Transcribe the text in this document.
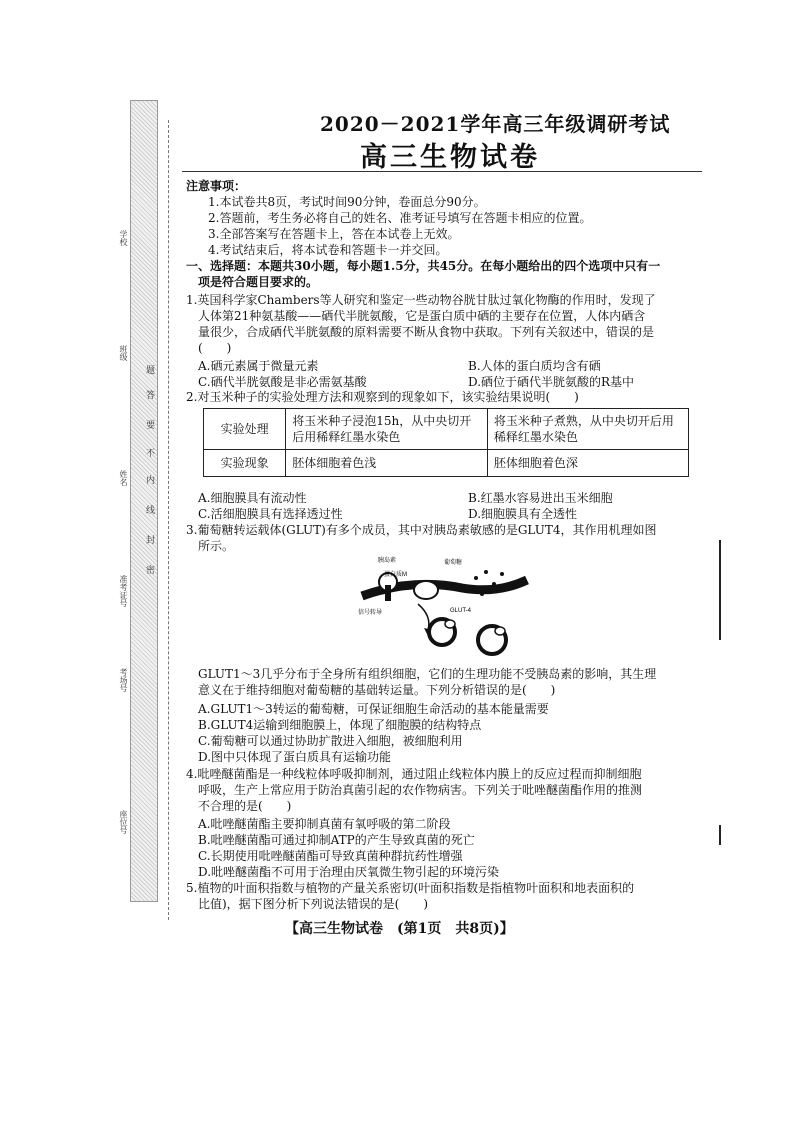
学校
班级
姓名
准考证号
考场号
座位号
题
答
要
不
内
线
封
密
2020－2021学年高三年级调研考试
高三生物试卷
注意事项：
1.本试卷共8页，考试时间90分钟，卷面总分90分。
2.答题前，考生务必将自己的姓名、准考证号填写在答题卡相应的位置。
3.全部答案写在答题卡上，答在本试卷上无效。
4.考试结束后，将本试卷和答题卡一并交回。
一、选择题：本题共30小题，每小题1.5分，共45分。在每小题给出的四个选项中只有一
项是符合题目要求的。
1.英国科学家Chambers等人研究和鉴定一些动物谷胱甘肽过氧化物酶的作用时，发现了
人体第21种氨基酸——硒代半胱氨酸，它是蛋白质中硒的主要存在位置，人体内硒含
量很少，合成硒代半胱氨酸的原料需要不断从食物中获取。下列有关叙述中，错误的是
(　　)
A.硒元素属于微量元素	B.人体的蛋白质均含有硒
C.硒代半胱氨酸是非必需氨基酸	D.硒位于硒代半胱氨酸的R基中
2.对玉米种子的实验处理方法和观察到的现象如下，该实验结果说明(　　)
实验处理	将玉米种子浸泡15h，从中央切开后用稀释红墨水染色	将玉米种子煮熟，从中央切开后用稀释红墨水染色
实验现象	胚体细胞着色浅	胚体细胞着色深
A.细胞膜具有流动性	B.红墨水容易进出玉米细胞
C.活细胞膜具有选择透过性	D.细胞膜具有全透性
3.葡萄糖转运载体(GLUT)有多个成员，其中对胰岛素敏感的是GLUT4，其作用机理如图
所示。
胰岛素
蛋白质M
葡萄糖
信号转导	GLUT-4
GLUT1～3几乎分布于全身所有组织细胞，它们的生理功能不受胰岛素的影响，其生理
意义在于维持细胞对葡萄糖的基础转运量。下列分析错误的是(　　)
A.GLUT1～3转运的葡萄糖，可保证细胞生命活动的基本能量需要
B.GLUT4运输到细胞膜上，体现了细胞膜的结构特点
C.葡萄糖可以通过协助扩散进入细胞，被细胞利用
D.图中只体现了蛋白质具有运输功能
4.吡唑醚菌酯是一种线粒体呼吸抑制剂，通过阻止线粒体内膜上的反应过程而抑制细胞
呼吸，生产上常应用于防治真菌引起的农作物病害。下列关于吡唑醚菌酯作用的推测
不合理的是(　　)
A.吡唑醚菌酯主要抑制真菌有氧呼吸的第二阶段
B.吡唑醚菌酯可通过抑制ATP的产生导致真菌的死亡
C.长期使用吡唑醚菌酯可导致真菌种群抗药性增强
D.吡唑醚菌酯不可用于治理由厌氧微生物引起的环境污染
5.植物的叶面积指数与植物的产量关系密切(叶面积指数是指植物叶面积和地表面积的
比值)，据下图分析下列说法错误的是(　　)
【高三生物试卷　(第1页　共8页)】
